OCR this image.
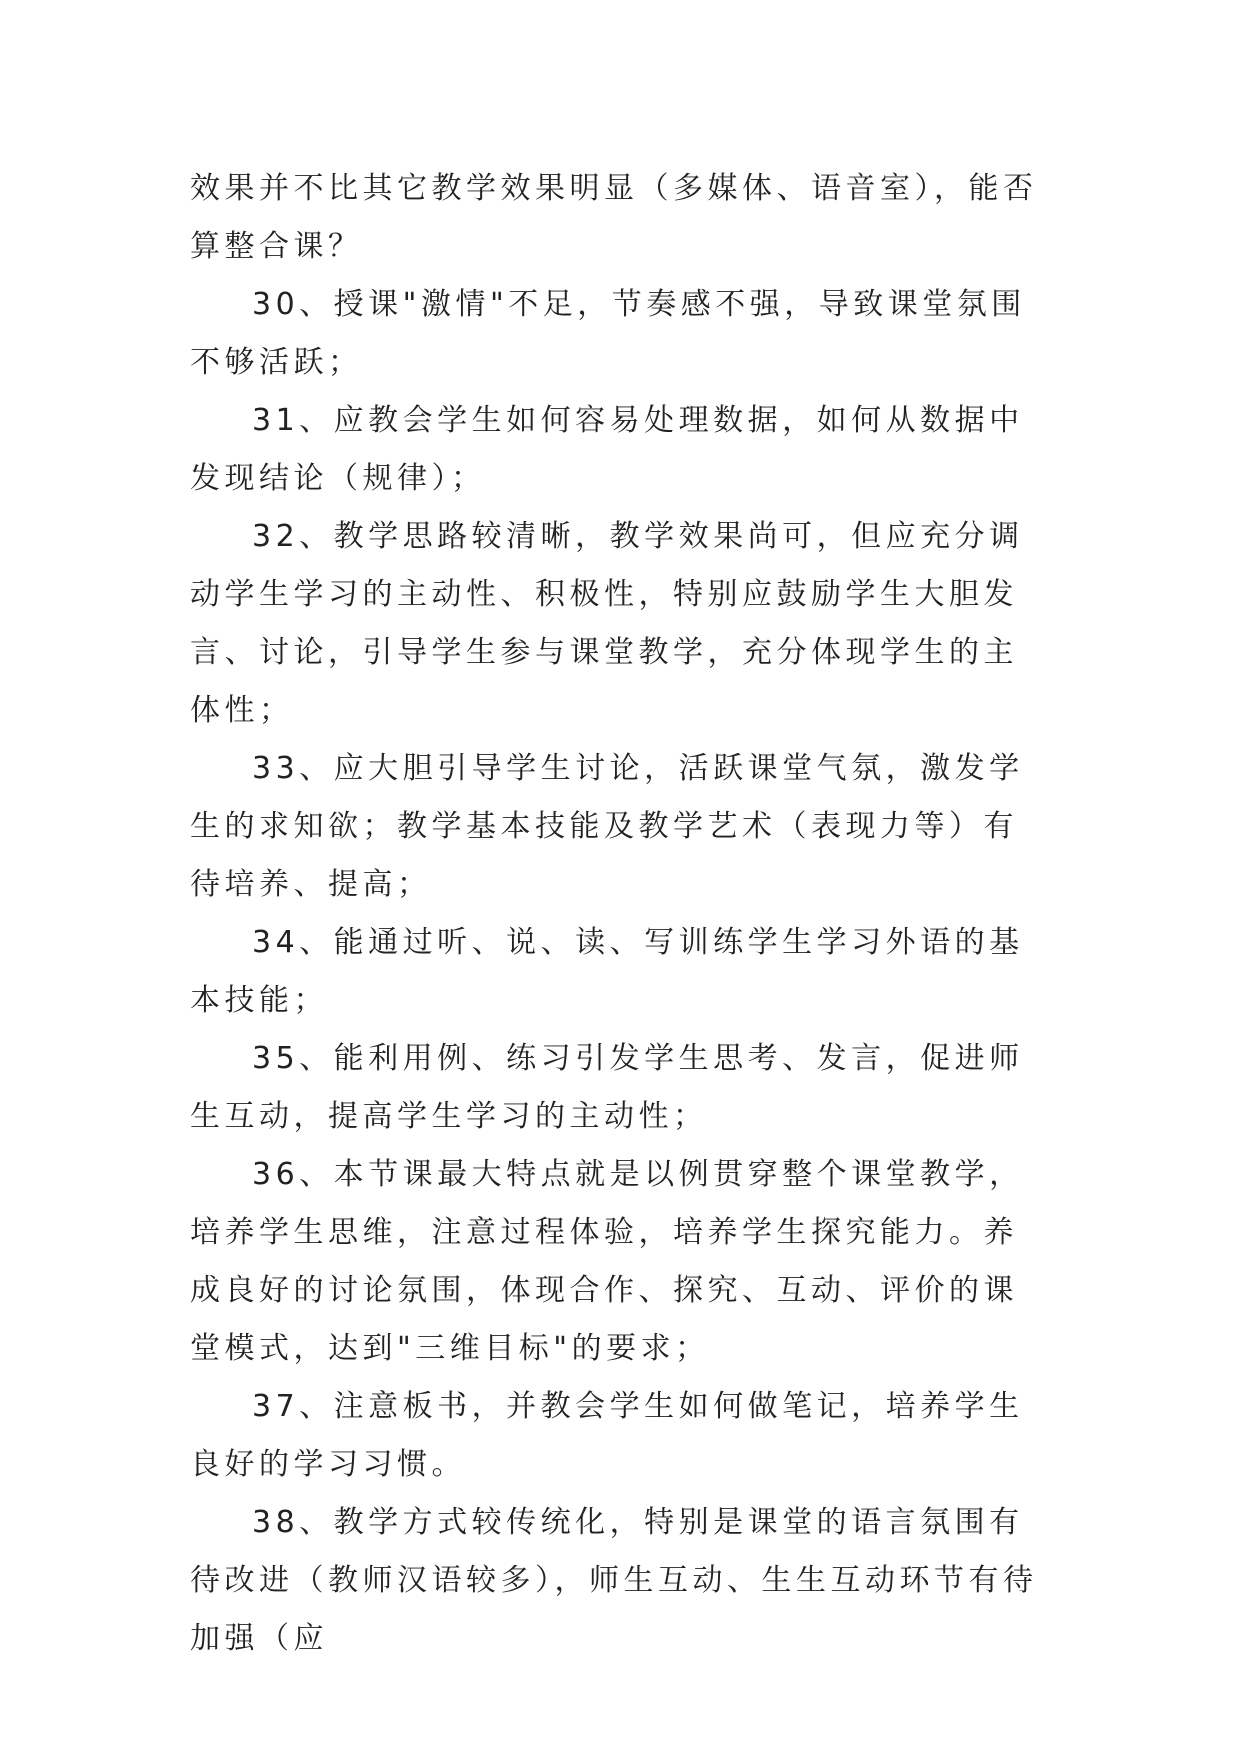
效果并不比其它教学效果明显（多媒体、语音室），能否算整合课？

30、授课"激情"不足，节奏感不强，导致课堂氛围不够活跃；

31、应教会学生如何容易处理数据，如何从数据中发现结论（规律）；

32、教学思路较清晰，教学效果尚可，但应充分调动学生学习的主动性、积极性，特别应鼓励学生大胆发言、讨论，引导学生参与课堂教学，充分体现学生的主体性；

33、应大胆引导学生讨论，活跃课堂气氛，激发学生的求知欲；教学基本技能及教学艺术（表现力等）有待培养、提高；

34、能通过听、说、读、写训练学生学习外语的基本技能；

35、能利用例、练习引发学生思考、发言，促进师生互动，提高学生学习的主动性；

36、本节课最大特点就是以例贯穿整个课堂教学，培养学生思维，注意过程体验，培养学生探究能力。养成良好的讨论氛围，体现合作、探究、互动、评价的课堂模式，达到"三维目标"的要求；

37、注意板书，并教会学生如何做笔记，培养学生良好的学习习惯。

38、教学方式较传统化，特别是课堂的语言氛围有待改进（教师汉语较多），师生互动、生生互动环节有待加强（应
